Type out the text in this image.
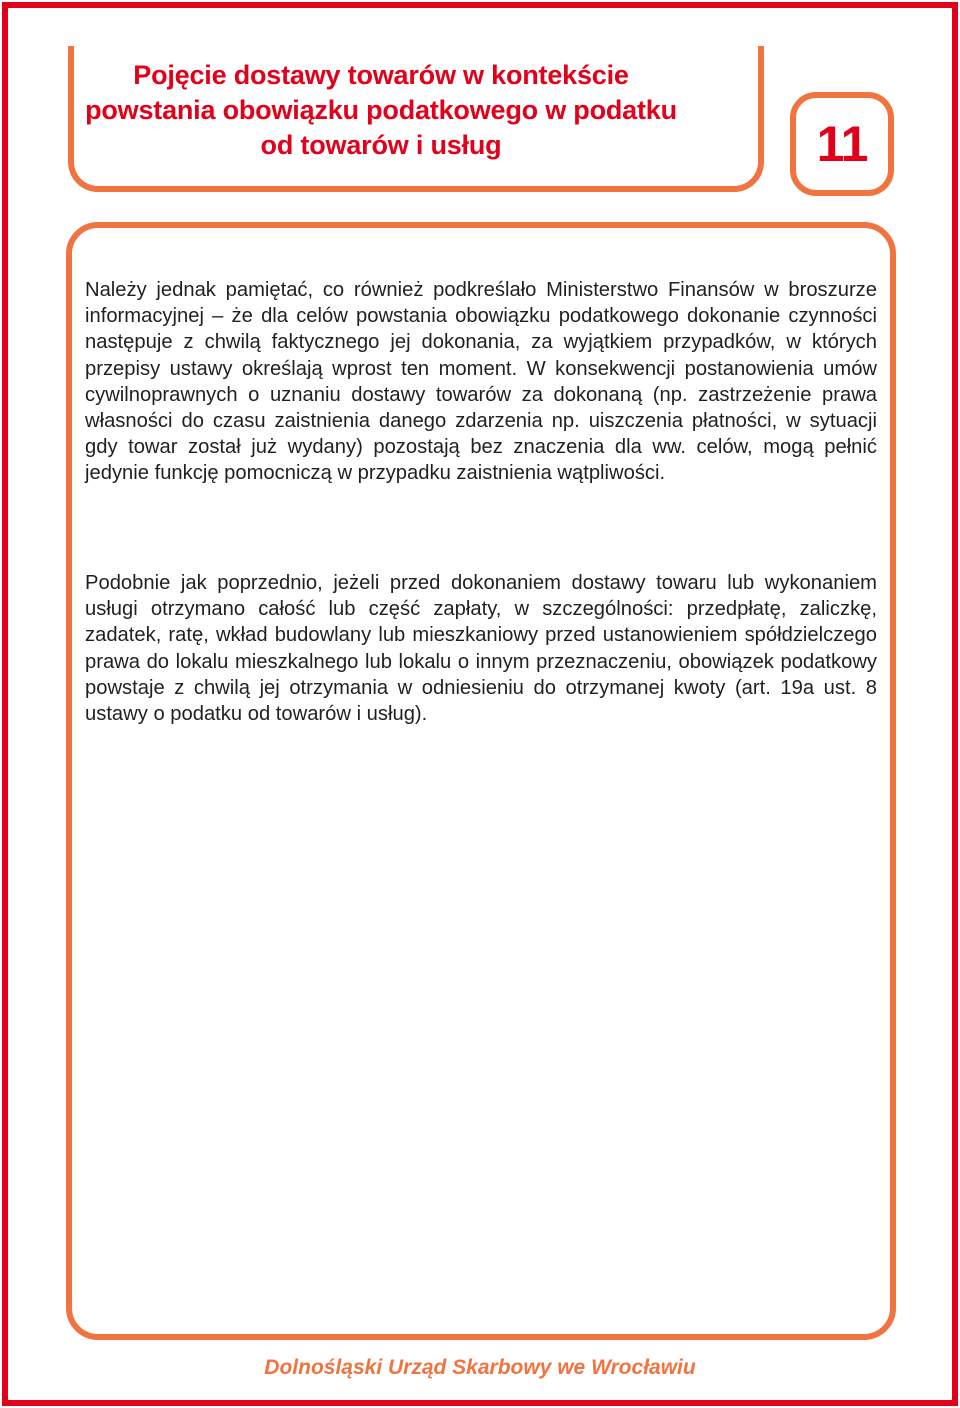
Pojęcie dostawy towarów w kontekście powstania obowiązku podatkowego w podatku od towarów i usług	11

Należy jednak pamiętać, co również podkreślało Ministerstwo Finansów w broszurze informacyjnej – że dla celów powstania obowiązku podatkowego dokonanie czynności następuje z chwilą faktycznego jej dokonania, za wyjątkiem przypadków, w których przepisy ustawy określają wprost ten moment. W konsekwencji postanowienia umów cywilnoprawnych o uznaniu dostawy towarów za dokonaną (np. zastrzeżenie prawa własności do czasu zaistnienia danego zdarzenia np. uiszczenia płatności, w sytuacji gdy towar został już wydany) pozostają bez znaczenia dla ww. celów, mogą pełnić jedynie funkcję pomocniczą w przypadku zaistnienia wątpliwości.

Podobnie jak poprzednio, jeżeli przed dokonaniem dostawy towaru lub wykonaniem usługi otrzymano całość lub część zapłaty, w szczególności: przedpłatę, zaliczkę, zadatek, ratę, wkład budowlany lub mieszkaniowy przed ustanowieniem spółdzielczego prawa do lokalu mieszkalnego lub lokalu o innym przeznaczeniu, obowiązek podatkowy powstaje z chwilą jej otrzymania w odniesieniu do otrzymanej kwoty (art. 19a ust. 8 ustawy o podatku od towarów i usług).

Dolnośląski Urząd Skarbowy we Wrocławiu
